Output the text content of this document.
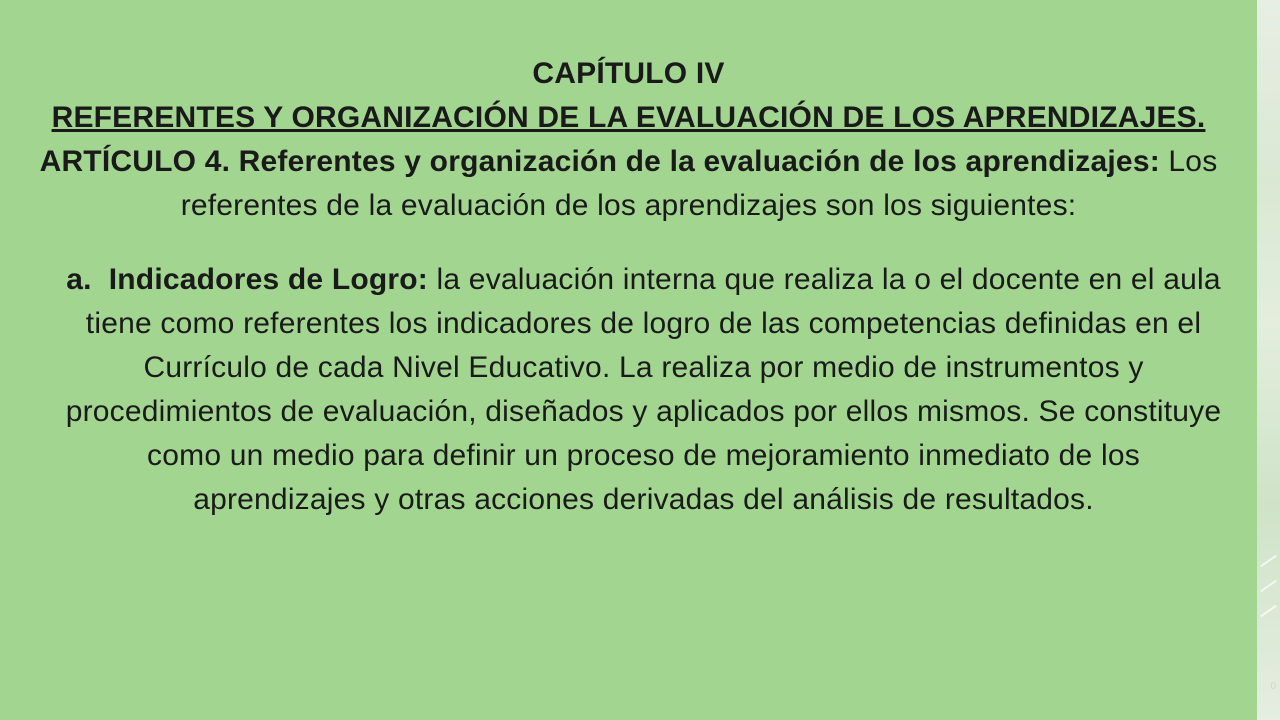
CAPÍTULO IV
REFERENTES Y ORGANIZACIÓN DE LA EVALUACIÓN DE LOS APRENDIZAJES.
ARTÍCULO 4. Referentes y organización de la evaluación de los aprendizajes: Los referentes de la evaluación de los aprendizajes son los siguientes:
a. Indicadores de Logro: la evaluación interna que realiza la o el docente en el aula tiene como referentes los indicadores de logro de las competencias definidas en el Currículo de cada Nivel Educativo. La realiza por medio de instrumentos y procedimientos de evaluación, diseñados y aplicados por ellos mismos. Se constituye como un medio para definir un proceso de mejoramiento inmediato de los aprendizajes y otras acciones derivadas del análisis de resultados.
0
